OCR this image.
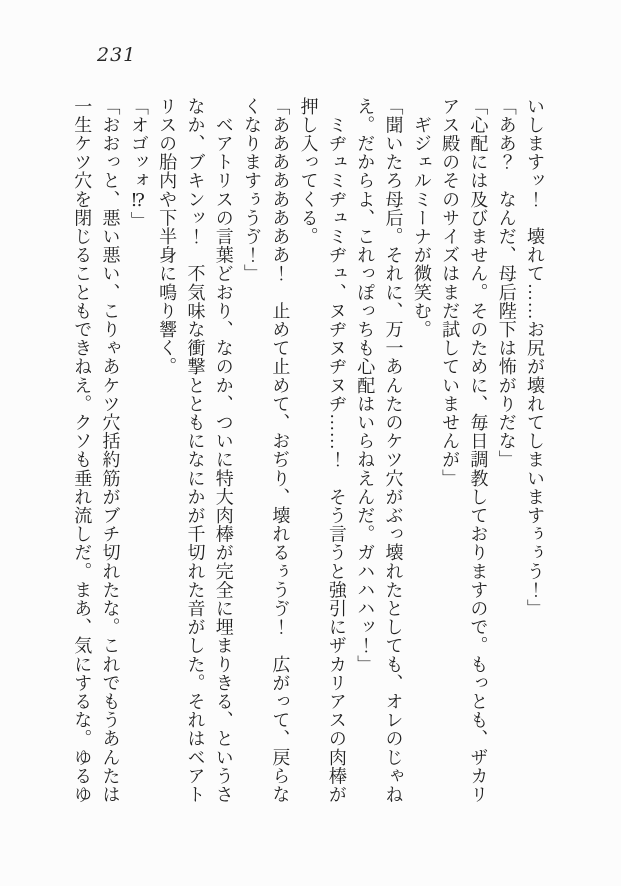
231
いしますッ！　壊れて……お尻が壊れてしまいますぅぅう！」
「ああ？　なんだ、母后陛下は怖がりだな」
「心配には及びません。そのために、毎日調教しておりますので。もっとも、ザカリ
アス殿のそのサイズはまだ試していませんが」
　ギジェルミーナが微笑む。
「聞いたろ母后。それに、万一あんたのケツ穴がぶっ壊れたとしても、オレのじゃね
え。だからよ、これっぽっちも心配はいらねえんだ。ガハハハッ！」
　ミヂュミヂュミヂュ、ヌヂヌヂヌヂ……！　そう言うと強引にザカリアスの肉棒が
押し入ってくる。
「ああああああああ！　止めて止めて、おぢり、壊れるぅうゔ！　広がって、戻らな
くなりますぅうゔ！」
　ベアトリスの言葉どおり、なのか、ついに特大肉棒が完全に埋まりきる、というさ
なか、ブキンッ！　不気味な衝撃とともになにかが千切れた音がした。それはベアト
リスの胎内や下半身に鳴り響く。
「オゴッォ⁉」
「おおっと、悪い悪い、こりゃあケツ穴括約筋がブチ切れたな。これでもうあんたは
一生ケツ穴を閉じることもできねえ。クソも垂れ流しだ。まあ、気にするな。ゆるゆ
